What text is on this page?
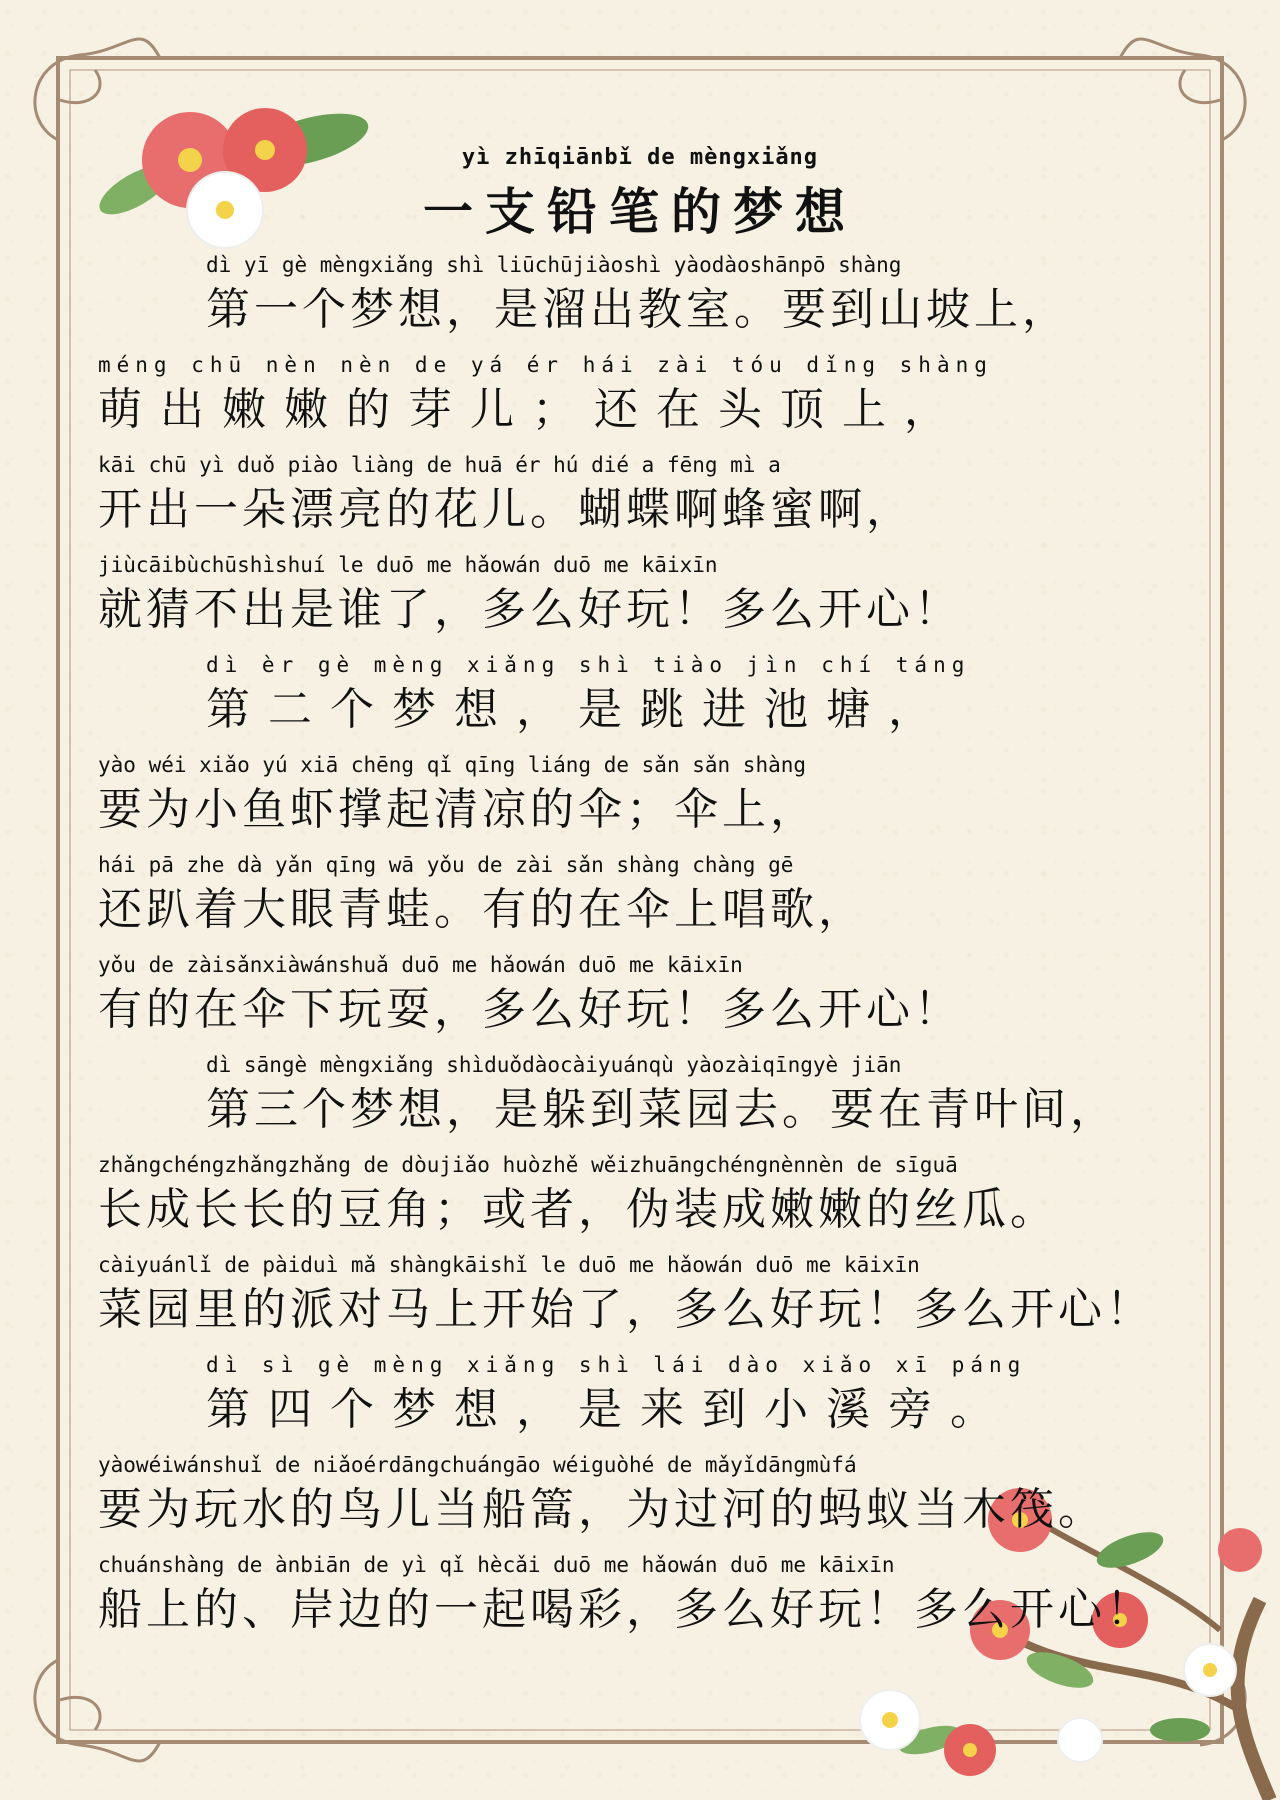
yì zhīqiānbǐ de mèngxiǎng
一支铅笔的梦想
dì yī gè mèngxiǎng shì liūchūjiàoshì yàodàoshānpō shàng
第一个梦想，是溜出教室。要到山坡上，
méng chū nèn nèn de yá ér hái zài tóu dǐng shàng
萌出嫩嫩的芽儿；还在头顶上，
kāi chū yì duǒ piào liàng de huā ér hú dié a fēng mì a
开出一朵漂亮的花儿。蝴蝶啊蜂蜜啊，
jiùcāibùchūshìshuí le duō me hǎowán duō me kāixīn
就猜不出是谁了，多么好玩！多么开心！
dì èr gè mèng xiǎng shì tiào jìn chí táng
第二个梦想，是跳进池塘，
yào wéi xiǎo yú xiā chēng qǐ qīng liáng de sǎn sǎn shàng
要为小鱼虾撑起清凉的伞；伞上，
hái pā zhe dà yǎn qīng wā yǒu de zài sǎn shàng chàng gē
还趴着大眼青蛙。有的在伞上唱歌，
yǒu de zàisǎnxiàwánshuǎ duō me hǎowán duō me kāixīn
有的在伞下玩耍，多么好玩！多么开心！
dì sāngè mèngxiǎng shìduǒdàocàiyuánqù yàozàiqīngyè jiān
第三个梦想，是躲到菜园去。要在青叶间，
zhǎngchéngzhǎngzhǎng de dòujiǎo huòzhě wěizhuāngchéngnènnèn de sīguā
长成长长的豆角；或者，伪装成嫩嫩的丝瓜。
càiyuánlǐ de pàiduì mǎ shàngkāishǐ le duō me hǎowán duō me kāixīn
菜园里的派对马上开始了，多么好玩！多么开心！
dì sì gè mèng xiǎng shì lái dào xiǎo xī páng
第四个梦想，是来到小溪旁。
yàowéiwánshuǐ de niǎoérdāngchuángāo wéiguòhé de mǎyǐdāngmùfá
要为玩水的鸟儿当船篙，为过河的蚂蚁当木筏。
chuánshàng de ànbiān de yì qǐ hècǎi duō me hǎowán duō me kāixīn
船上的、岸边的一起喝彩，多么好玩！多么开心！
